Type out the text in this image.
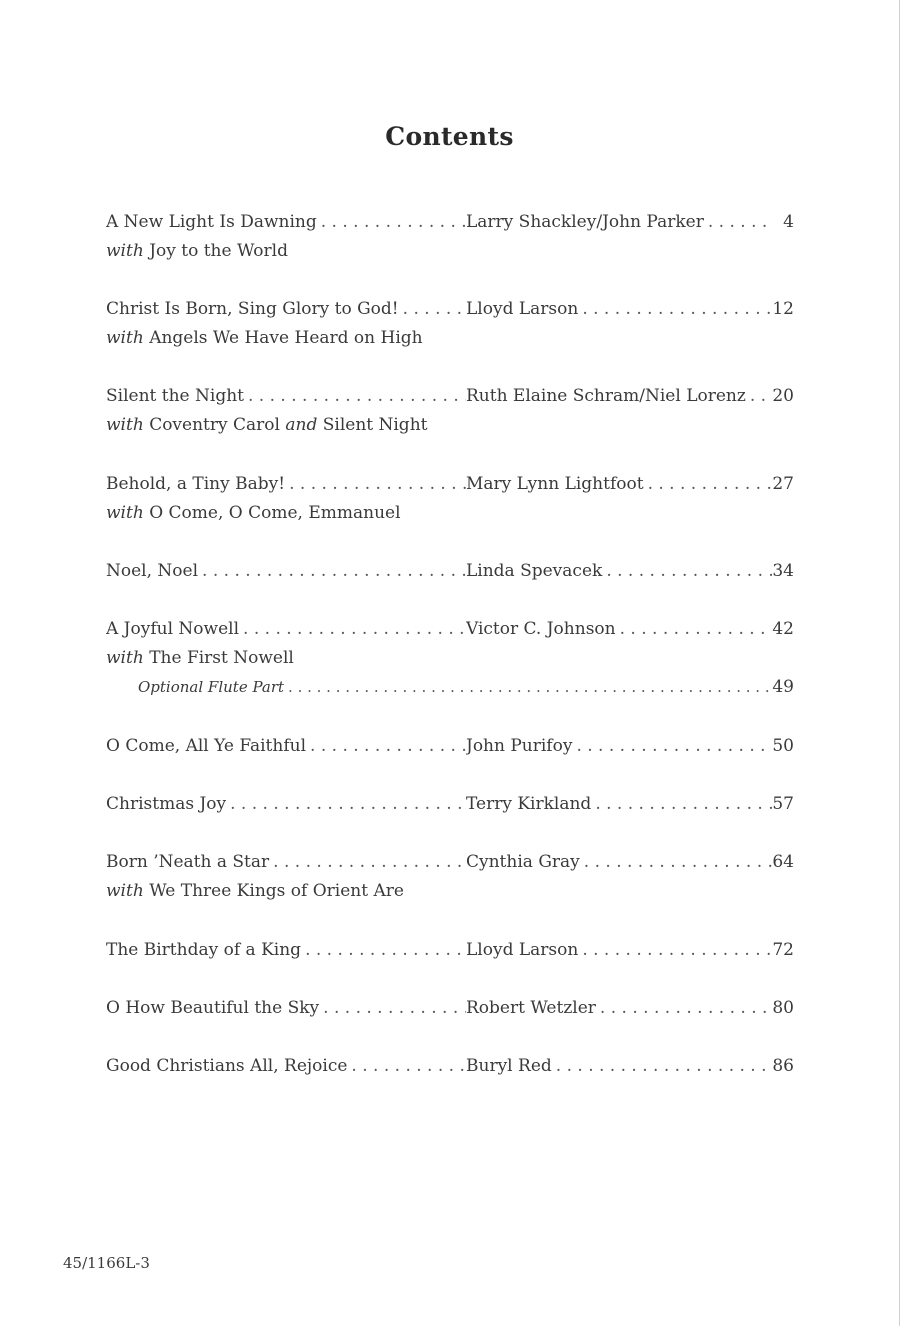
Contents
A New Light Is Dawning . . .	Larry Shackley/John Parker . . .	4
with Joy to the World
Christ Is Born, Sing Glory to God! . . .	Lloyd Larson . . .	12
with Angels We Have Heard on High
Silent the Night . . .	Ruth Elaine Schram/Niel Lorenz . . . 20
with Coventry Carol and Silent Night
Behold, a Tiny Baby! . . .	Mary Lynn Lightfoot . . .	27
with O Come, O Come, Emmanuel
Noel, Noel . . .	Linda Spevacek . . .	34
A Joyful Nowell . . .	Victor C. Johnson . . .	42
with The First Nowell
Optional Flute Part . . .	49
O Come, All Ye Faithful . . .	John Purifoy . . .	50
Christmas Joy . . .	Terry Kirkland . . .	57
Born ’Neath a Star . . .	Cynthia Gray . . .	64
with We Three Kings of Orient Are
The Birthday of a King . . .	Lloyd Larson . . .	72
O How Beautiful the Sky . . .	Robert Wetzler . . .	80
Good Christians All, Rejoice . . .	Buryl Red . . .	86
45/1166L-3
